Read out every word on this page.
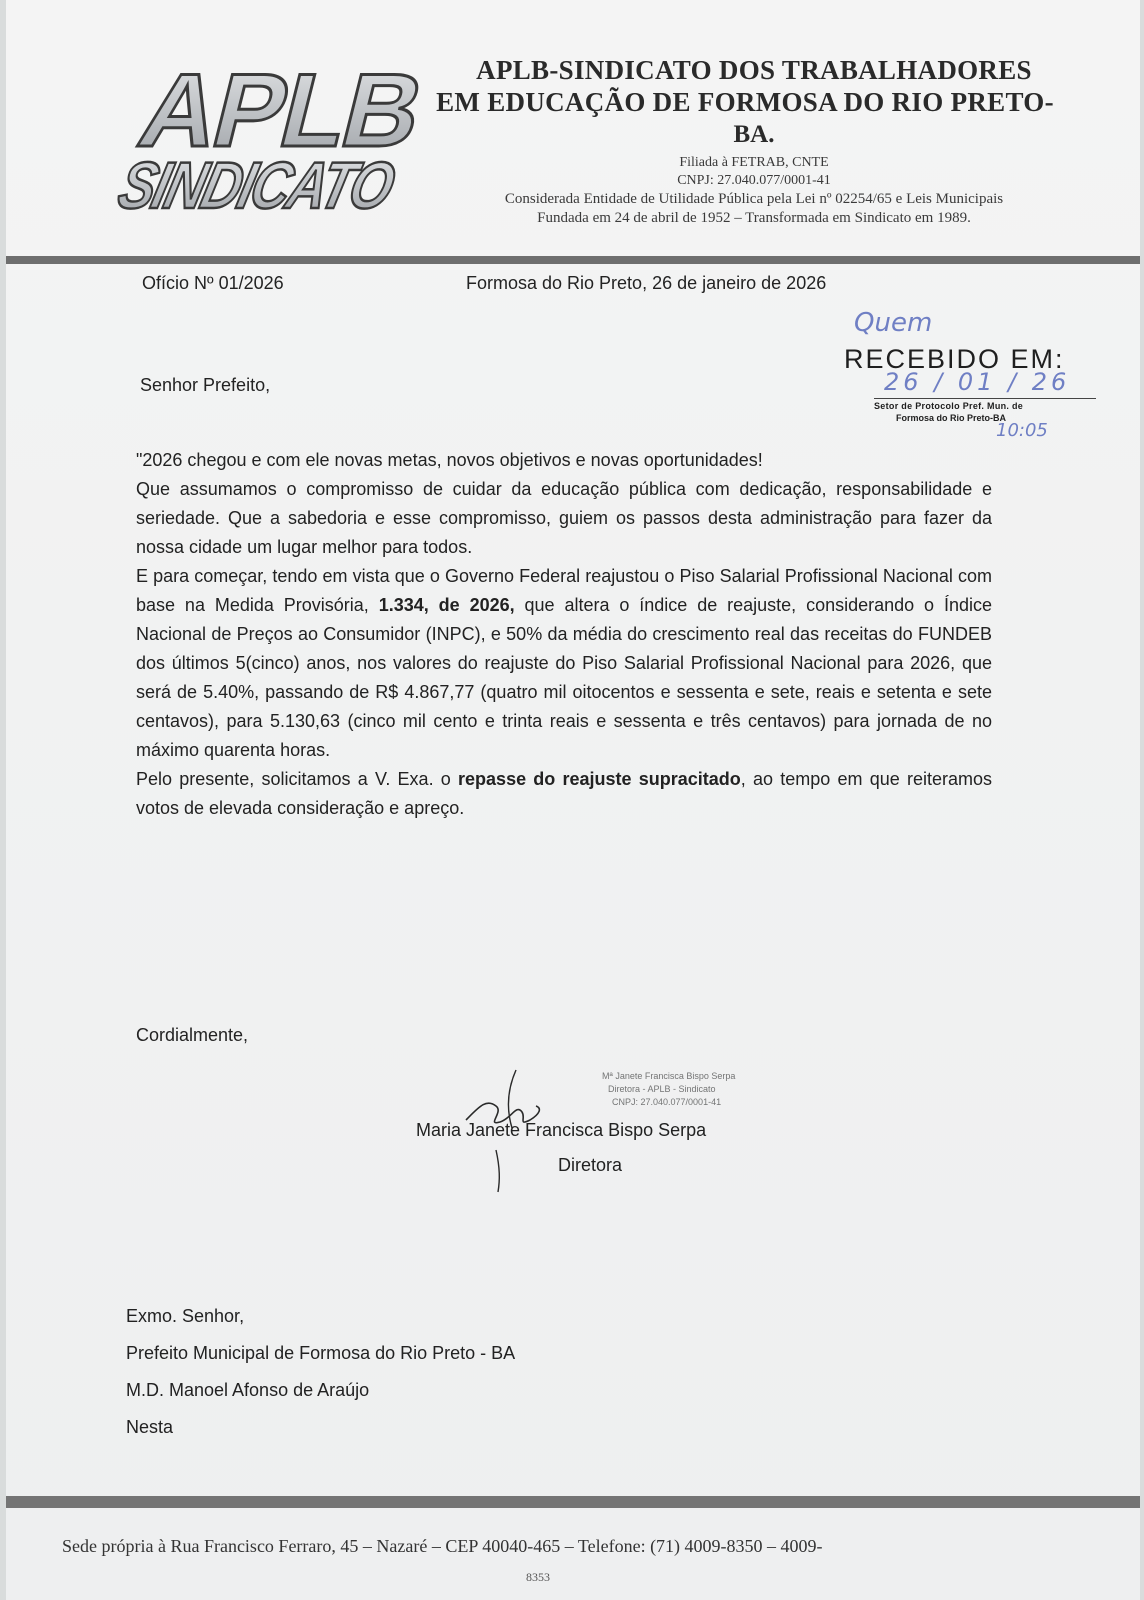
APLB
SINDICATO
APLB-SINDICATO DOS TRABALHADORES
EM EDUCAÇÃO DE FORMOSA DO RIO PRETO-
BA.
Filiada à FETRAB, CNTE
CNPJ: 27.040.077/0001-41
Considerada Entidade de Utilidade Pública pela Lei nº 02254/65 e Leis Municipais
Fundada em 24 de abril de 1952 – Transformada em Sindicato em 1989.
Ofício Nº 01/2026	Formosa do Rio Preto, 26 de janeiro de 2026
Quem
RECEBIDO EM:
26 / 01 / 26
Setor de Protocolo Pref. Mun. de
Formosa do Rio Preto-BA
10:05
Senhor Prefeito,

"2026 chegou e com ele novas metas, novos objetivos e novas oportunidades!

Que assumamos o compromisso de cuidar da educação pública com dedicação, responsabilidade e seriedade. Que a sabedoria e esse compromisso, guiem os passos desta administração para fazer da nossa cidade um lugar melhor para todos.

E para começar, tendo em vista que o Governo Federal reajustou o Piso Salarial Profissional Nacional com base na Medida Provisória, 1.334, de 2026, que altera o índice de reajuste, considerando o Índice Nacional de Preços ao Consumidor (INPC), e 50% da média do crescimento real das receitas do FUNDEB dos últimos 5(cinco) anos, nos valores do reajuste do Piso Salarial Profissional Nacional para 2026, que será de 5.40%, passando de R$ 4.867,77 (quatro mil oitocentos e sessenta e sete, reais e setenta e sete centavos), para 5.130,63 (cinco mil cento e trinta reais e sessenta e três centavos) para jornada de no máximo quarenta horas.

Pelo presente, solicitamos a V. Exa. o repasse do reajuste supracitado, ao tempo em que reiteramos votos de elevada consideração e apreço.

Cordialmente,
Mª Janete Francisca Bispo Serpa
Diretora - APLB - Sindicato
CNPJ: 27.040.077/0001-41
Maria Janete Francisca Bispo Serpa
Diretora
Exmo. Senhor,
Prefeito Municipal de Formosa do Rio Preto - BA
M.D. Manoel Afonso de Araújo
Nesta
Sede própria à Rua Francisco Ferraro, 45 – Nazaré – CEP 40040-465 – Telefone: (71) 4009-8350 – 4009-
8353
